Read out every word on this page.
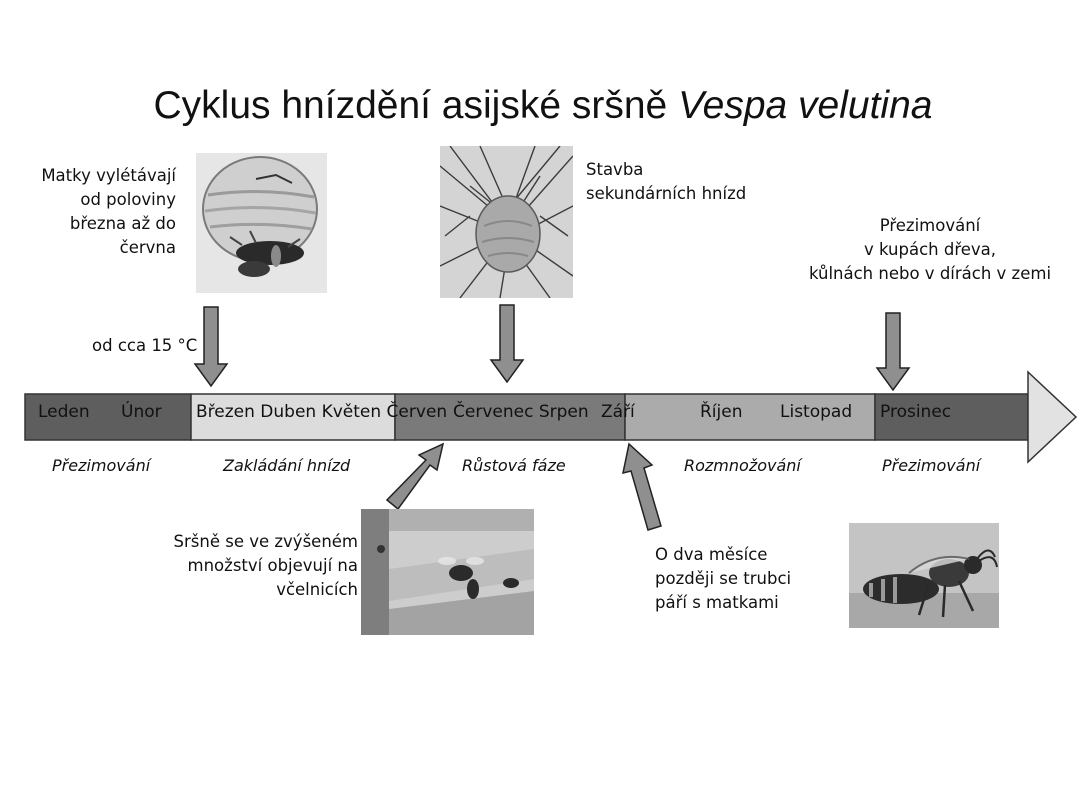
Cyklus hnízdění asijské sršně Vespa velutina
Leden Únor Březen Duben Květen Červen Červenec Srpen Září	Říjen Listopad Prosinec
Přezimování	Zakládání hnízd	Růstová fáze	Rozmnožování	Přezimování
Matky vylétávají
od poloviny
března až do
června
od cca 15 °C
Stavba
sekundárních hnízd
Přezimování
v kupách dřeva,
kůlnách nebo v dírách v zemi
Sršně se ve zvýšeném
množství objevují na
včelnicích
O dva měsíce
později se trubci
páří s matkami
